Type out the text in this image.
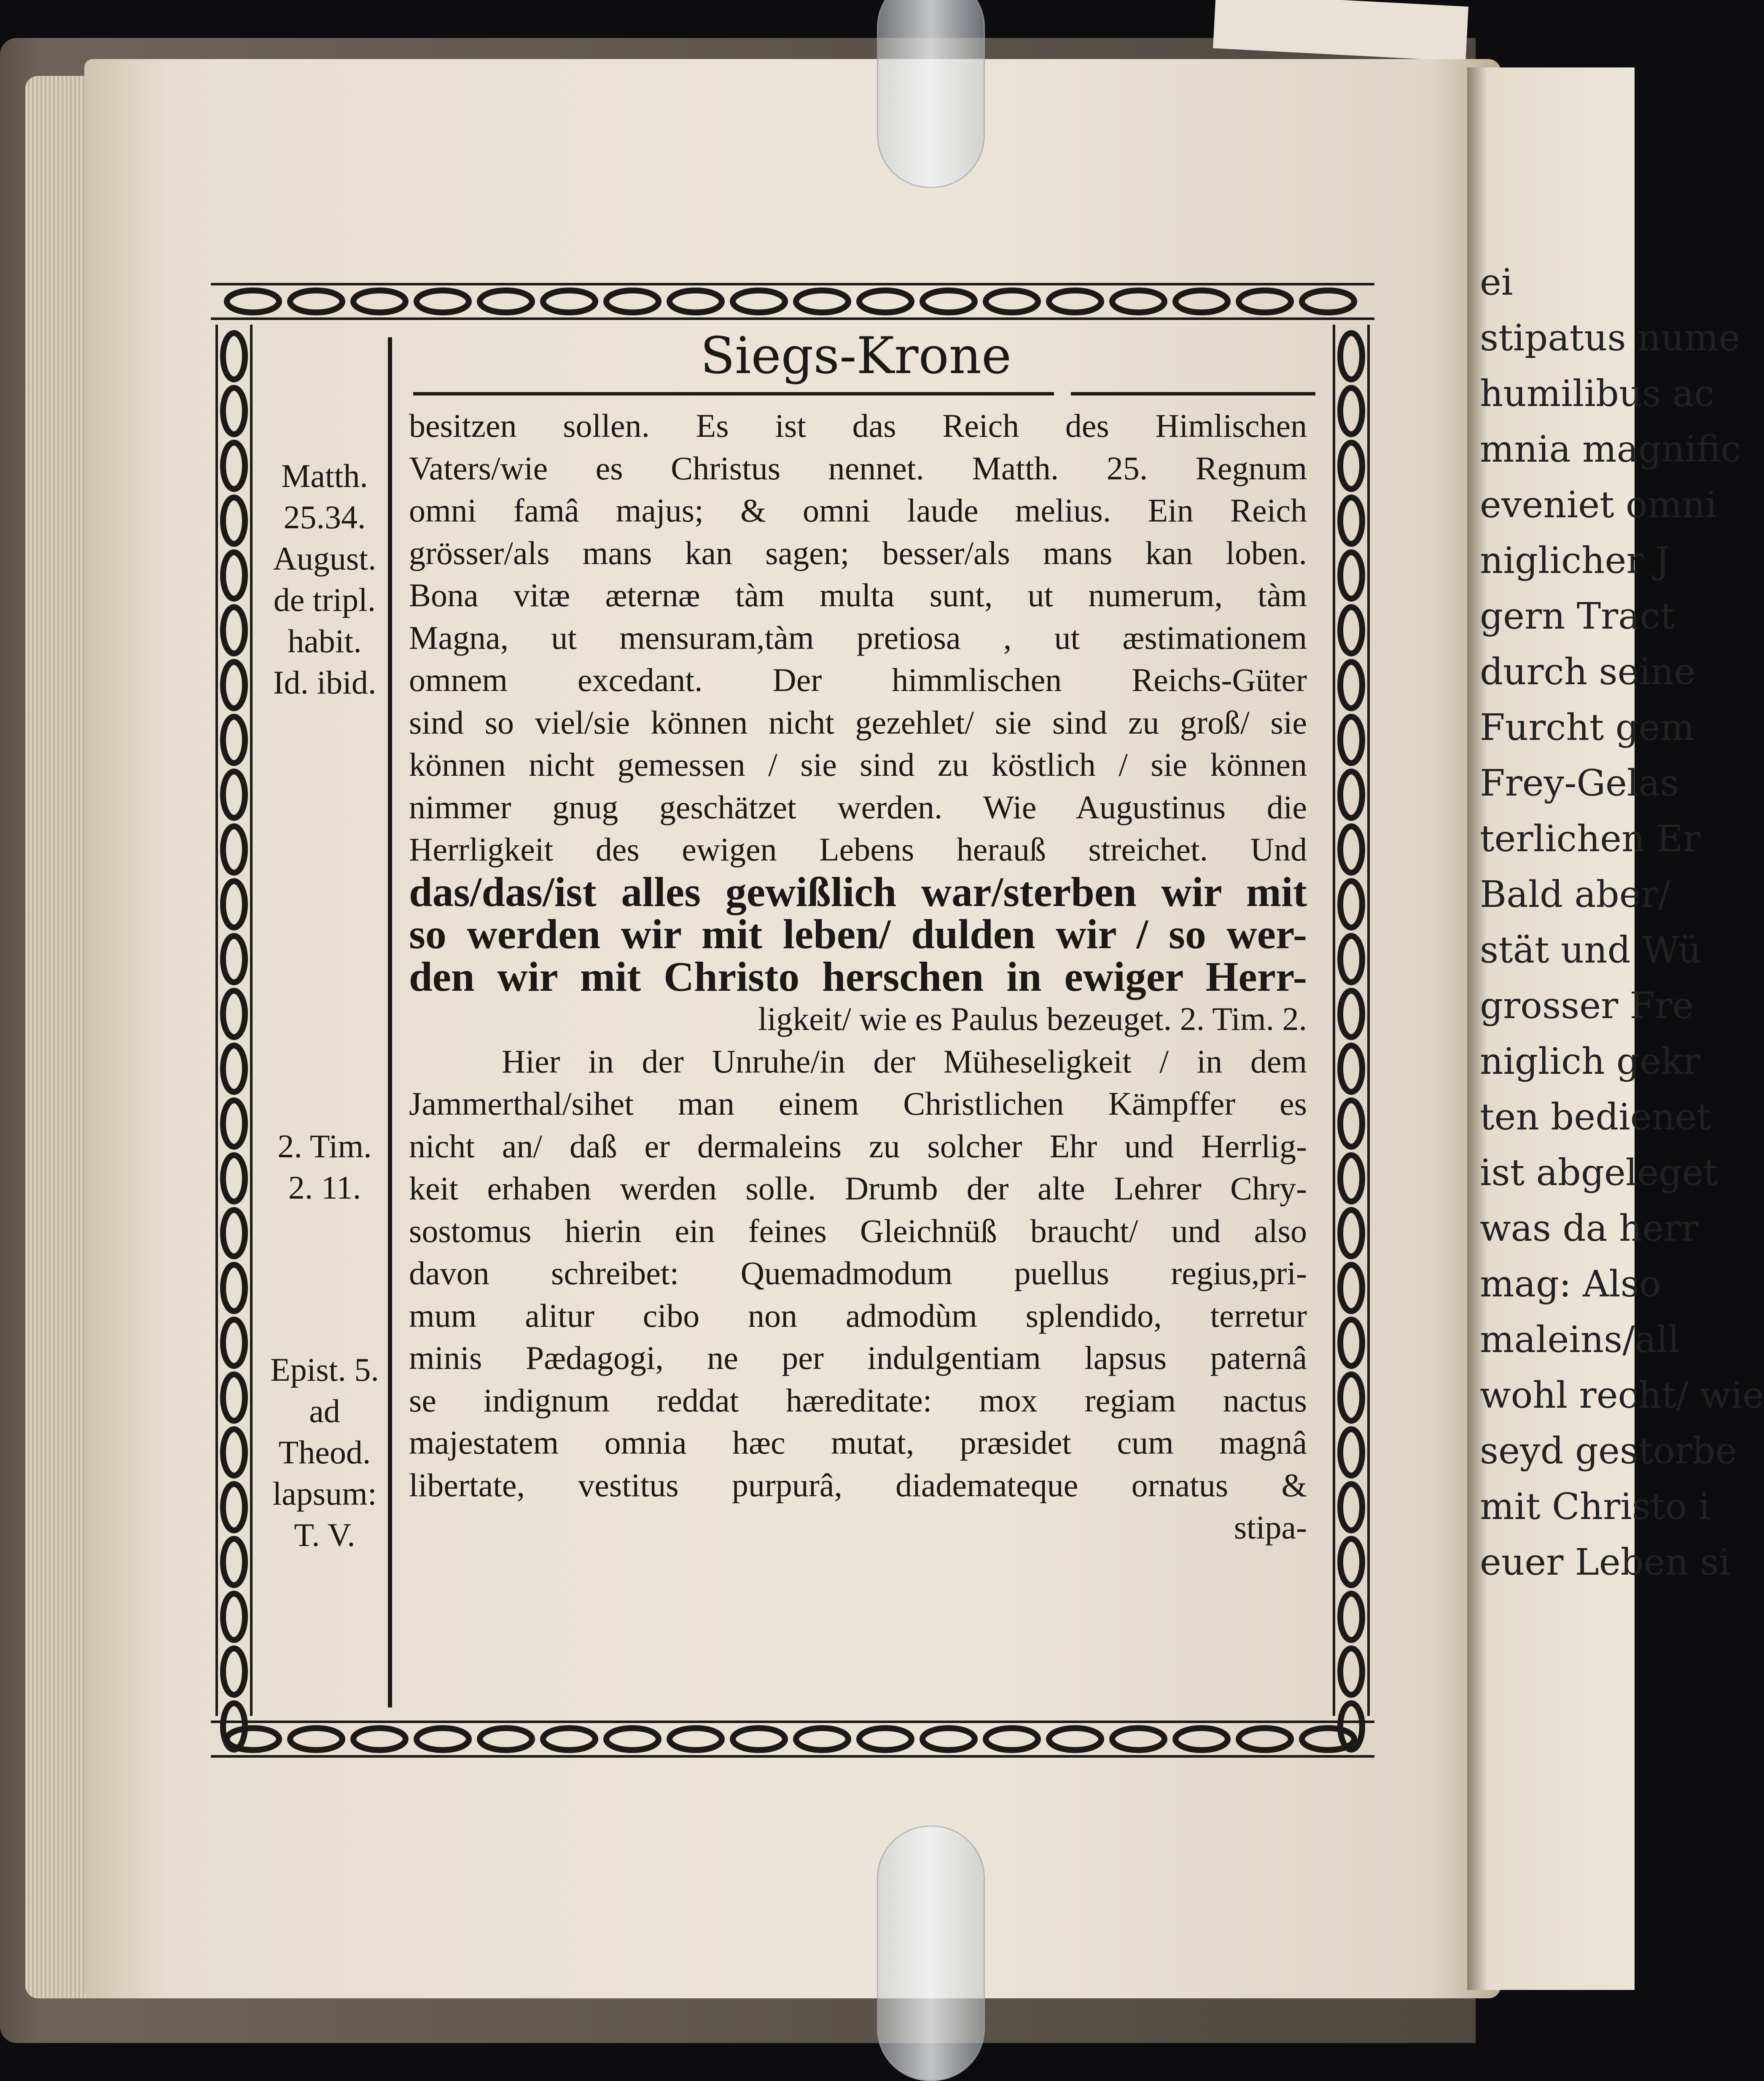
ei
stipatus nume
humilibus ac
mnia magnific
eveniet omni
niglicher J
gern Tract
durch seine
Furcht gem
Frey-Gelas
terlichen Er
Bald aber/
stät und Wü
grosser Fre
niglich gekr
ten bedienet
ist abgeleget
was da herr
mag: Also
maleins/all
wohl recht/ wie
seyd gestorbe
mit Christo i
euer Leben si
Siegs-Krone
Matth.
25.34.
August.
de tripl.
habit.
Id. ibid.
2. Tim.
2. 11.
Epist. 5.
ad
Theod.
lapsum:
T. V.
besitzen sollen. Es ist das Reich des Himlischen
Vaters/wie es Christus nennet. Matth. 25. Regnum
omni famâ majus; & omni laude melius. Ein Reich
grösser/als mans kan sagen; besser/als mans kan loben.
Bona vitæ æternæ tàm multa sunt, ut numerum, tàm
Magna, ut mensuram,tàm pretiosa , ut æstimationem
omnem excedant. Der himmlischen Reichs-Güter
sind so viel/sie können nicht gezehlet/ sie sind zu groß/ sie
können nicht gemessen / sie sind zu köstlich / sie können
nimmer gnug geschätzet werden. Wie Augustinus die
Herrligkeit des ewigen Lebens herauß streichet. Und
das/das/ist alles gewißlich war/sterben wir mit
so werden wir mit leben/ dulden wir / so wer-
den wir mit Christo herschen in ewiger Herr-
ligkeit/ wie es Paulus bezeuget. 2. Tim. 2.
Hier in der Unruhe/in der Müheseligkeit / in dem
Jammerthal/sihet man einem Christlichen Kämpffer es
nicht an/ daß er dermaleins zu solcher Ehr und Herrlig-
keit erhaben werden solle. Drumb der alte Lehrer Chry-
sostomus hierin ein feines Gleichnüß braucht/ und also
davon schreibet: Quemadmodum puellus regius,pri-
mum alitur cibo non admodùm splendido, terretur
minis Pædagogi, ne per indulgentiam lapsus paternâ
se indignum reddat hæreditate: mox regiam nactus
majestatem omnia hæc mutat, præsidet cum magnâ
libertate, vestitus purpurâ, diademateque ornatus &
stipa-
